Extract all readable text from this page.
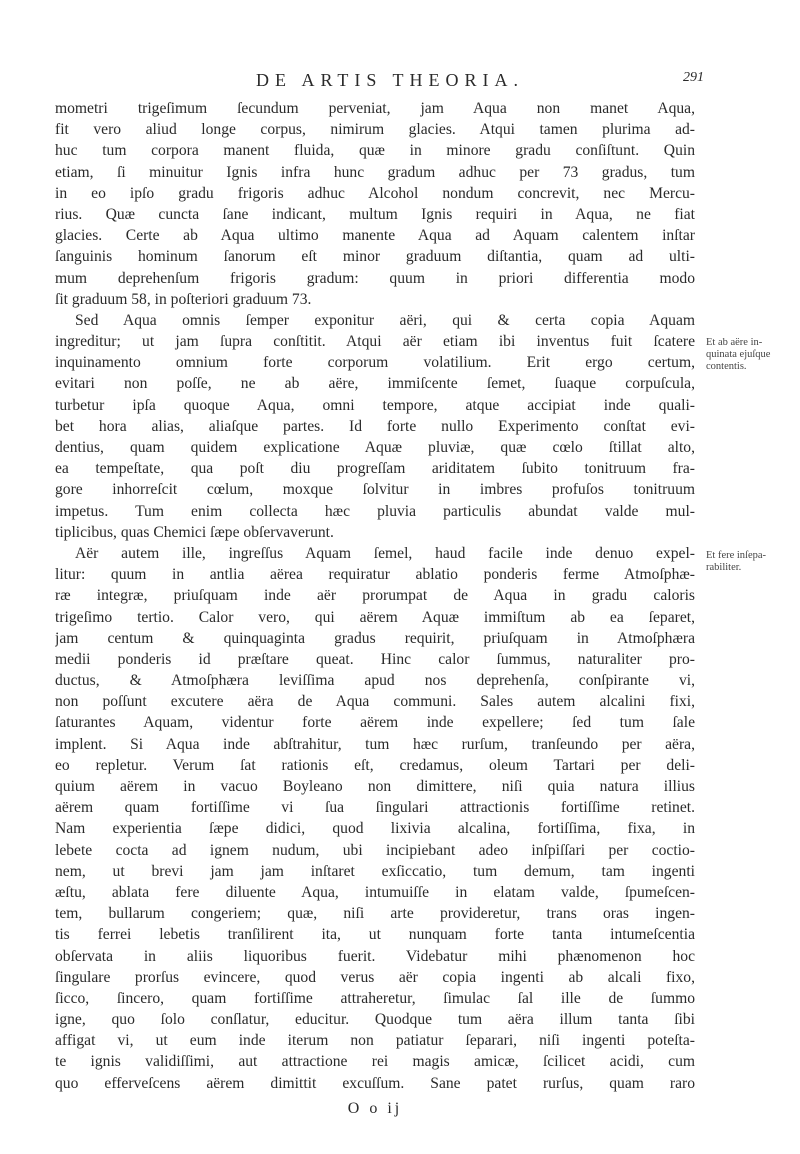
DE ARTIS THEORIA.	291
mometri trigeſimum ſecundum perveniat, jam Aqua non manet Aqua,
fit vero aliud longe corpus, nimirum glacies. Atqui tamen plurima ad-
huc tum corpora manent fluida, quæ in minore gradu conſiſtunt. Quin
etiam, ſi minuitur Ignis infra hunc gradum adhuc per 73 gradus, tum
in eo ipſo gradu frigoris adhuc Alcohol nondum concrevit, nec Mercu-
rius. Quæ cuncta ſane indicant, multum Ignis requiri in Aqua, ne fiat
glacies. Certe ab Aqua ultimo manente Aqua ad Aquam calentem inſtar
ſanguinis hominum ſanorum eſt minor graduum diſtantia, quam ad ulti-
mum deprehenſum frigoris gradum: quum in priori differentia modo
ſit graduum 58, in poſteriori graduum 73.
Sed Aqua omnis ſemper exponitur aëri, qui & certa copia Aquam
ingreditur; ut jam ſupra conſtitit. Atqui aër etiam ibi inventus fuit ſcatere
inquinamento omnium forte corporum volatilium. Erit ergo certum,
evitari non poſſe, ne ab aëre, immiſcente ſemet, ſuaque corpuſcula,
turbetur ipſa quoque Aqua, omni tempore, atque accipiat inde quali-
bet hora alias, aliaſque partes. Id forte nullo Experimento conſtat evi-
dentius, quam quidem explicatione Aquæ pluviæ, quæ cœlo ſtillat alto,
ea tempeſtate, qua poſt diu progreſſam ariditatem ſubito tonitruum fra-
gore inhorreſcit cœlum, moxque ſolvitur in imbres profuſos tonitruum
impetus. Tum enim collecta hæc pluvia particulis abundat valde mul-
tiplicibus, quas Chemici ſæpe obſervaverunt.
Aër autem ille, ingreſſus Aquam ſemel, haud facile inde denuo expel-
litur: quum in antlia aërea requiratur ablatio ponderis ferme Atmoſphæ-
ræ integræ, priuſquam inde aër prorumpat de Aqua in gradu caloris
trigeſimo tertio. Calor vero, qui aërem Aquæ immiſtum ab ea ſeparet,
jam centum & quinquaginta gradus requirit, priuſquam in Atmoſphæra
medii ponderis id præſtare queat. Hinc calor ſummus, naturaliter pro-
ductus, & Atmoſphæra leviſſima apud nos deprehenſa, conſpirante vi,
non poſſunt excutere aëra de Aqua communi. Sales autem alcalini fixi,
ſaturantes Aquam, videntur forte aërem inde expellere; ſed tum ſale
implent. Si Aqua inde abſtrahitur, tum hæc rurſum, tranſeundo per aëra,
eo repletur. Verum ſat rationis eſt, credamus, oleum Tartari per deli-
quium aërem in vacuo Boyleano non dimittere, niſi quia natura illius
aërem quam fortiſſime vi ſua ſingulari attractionis fortiſſime retinet.
Nam experientia ſæpe didici, quod lixivia alcalina, fortiſſima, fixa, in
lebete cocta ad ignem nudum, ubi incipiebant adeo inſpiſſari per coctio-
nem, ut brevi jam jam inſtaret exſiccatio, tum demum, tam ingenti
æſtu, ablata fere diluente Aqua, intumuiſſe in elatam valde, ſpumeſcen-
tem, bullarum congeriem; quæ, niſi arte provideretur, trans oras ingen-
tis ferrei lebetis tranſilirent ita, ut nunquam forte tanta intumeſcentia
obſervata in aliis liquoribus fuerit. Videbatur mihi phænomenon hoc
ſingulare prorſus evincere, quod verus aër copia ingenti ab alcali fixo,
ſicco, ſincero, quam fortiſſime attraheretur, ſimulac ſal ille de ſummo
igne, quo ſolo conſlatur, educitur. Quodque tum aëra illum tanta ſibi
affigat vi, ut eum inde iterum non patiatur ſeparari, niſi ingenti poteſta-
te ignis validiſſimi, aut attractione rei magis amicæ, ſcilicet acidi, cum
quo efferveſcens aërem dimittit excuſſum. Sane patet rurſus, quam raro
Et ab aëre in-
quinata ejuſque
contentis.
Et fere inſepa-
rabiliter.
O o ij
